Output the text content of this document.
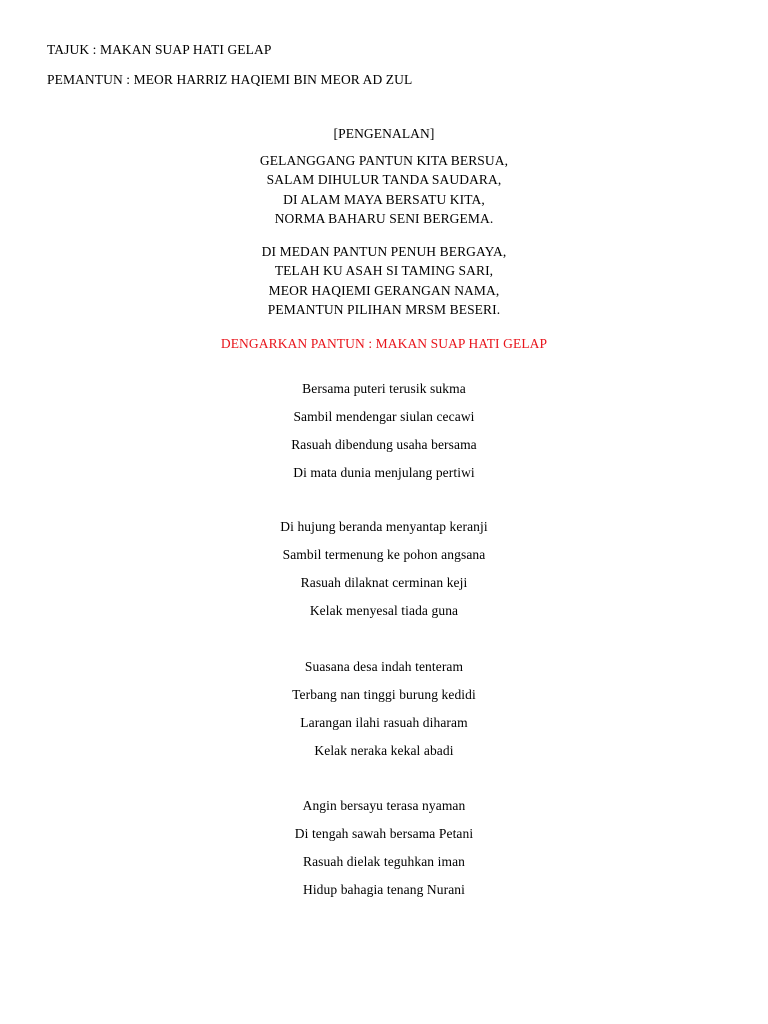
TAJUK : MAKAN SUAP HATI GELAP
PEMANTUN : MEOR HARRIZ HAQIEMI BIN MEOR AD ZUL
[PENGENALAN]
GELANGGANG PANTUN KITA BERSUA,
SALAM DIHULUR TANDA SAUDARA,
DI ALAM MAYA BERSATU KITA,
NORMA BAHARU SENI BERGEMA.
DI MEDAN PANTUN PENUH BERGAYA,
TELAH KU ASAH SI TAMING SARI,
MEOR HAQIEMI GERANGAN NAMA,
PEMANTUN PILIHAN MRSM BESERI.
DENGARKAN PANTUN : MAKAN SUAP HATI GELAP
Bersama puteri terusik sukma
Sambil mendengar siulan cecawi
Rasuah dibendung usaha bersama
Di mata dunia menjulang pertiwi
Di hujung beranda menyantap keranji
Sambil termenung ke pohon angsana
Rasuah dilaknat cerminan keji
Kelak menyesal tiada guna
Suasana desa indah tenteram
Terbang nan tinggi burung kedidi
Larangan ilahi rasuah diharam
Kelak neraka kekal abadi
Angin bersayu terasa nyaman
Di tengah sawah bersama Petani
Rasuah dielak teguhkan iman
Hidup bahagia tenang Nurani
